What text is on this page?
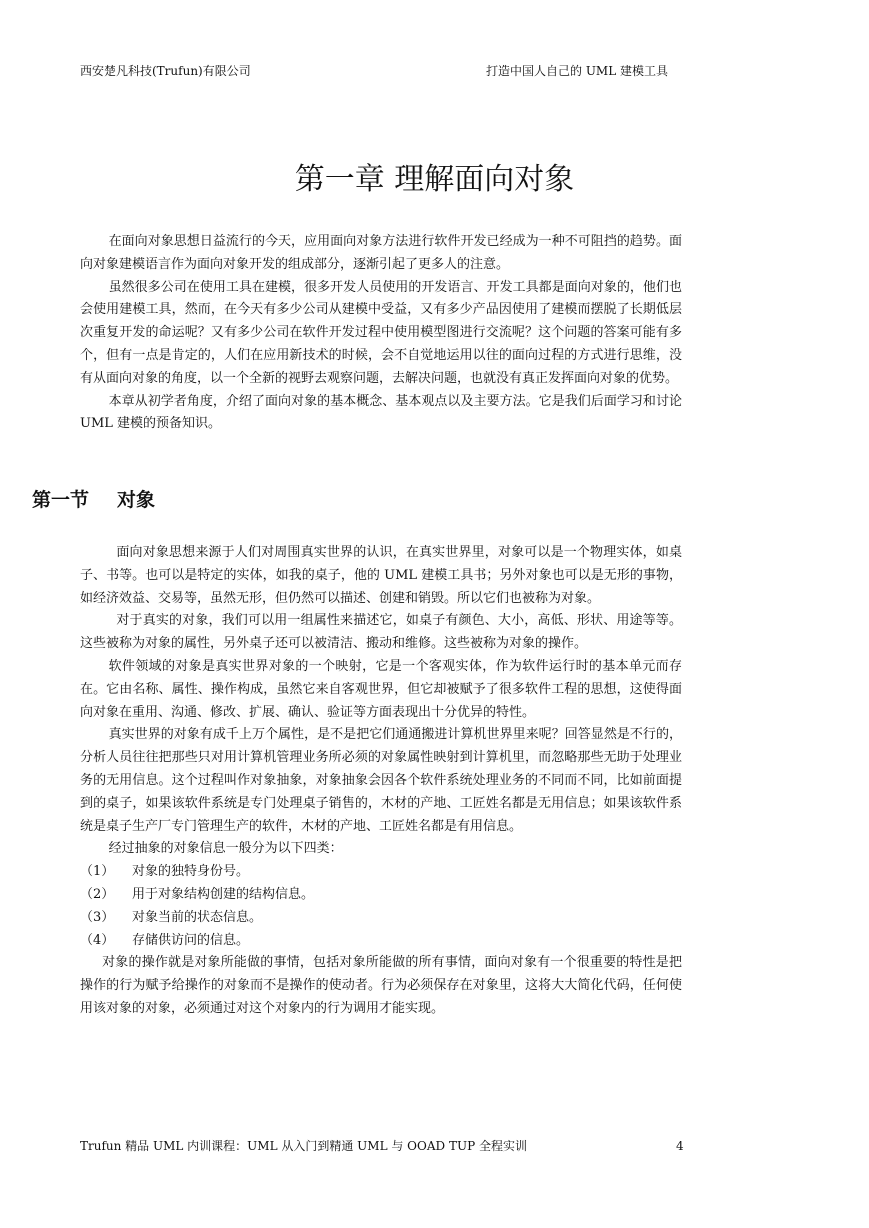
西安楚凡科技(Trufun)有限公司	打造中国人自己的 UML 建模工具
第一章 理解面向对象

在面向对象思想日益流行的今天，应用面向对象方法进行软件开发已经成为一种不可阻挡的趋势。面向对象建模语言作为面向对象开发的组成部分，逐渐引起了更多人的注意。

虽然很多公司在使用工具在建模，很多开发人员使用的开发语言、开发工具都是面向对象的，他们也会使用建模工具，然而，在今天有多少公司从建模中受益，又有多少产品因使用了建模而摆脱了长期低层次重复开发的命运呢？又有多少公司在软件开发过程中使用模型图进行交流呢？这个问题的答案可能有多个，但有一点是肯定的，人们在应用新技术的时候，会不自觉地运用以往的面向过程的方式进行思维，没有从面向对象的角度，以一个全新的视野去观察问题，去解决问题，也就没有真正发挥面向对象的优势。

本章从初学者角度，介绍了面向对象的基本概念、基本观点以及主要方法。它是我们后面学习和讨论 UML 建模的预备知识。

第一节 对象

面向对象思想来源于人们对周围真实世界的认识，在真实世界里，对象可以是一个物理实体，如桌子、书等。也可以是特定的实体，如我的桌子，他的 UML 建模工具书；另外对象也可以是无形的事物，如经济效益、交易等，虽然无形，但仍然可以描述、创建和销毁。所以它们也被称为对象。

对于真实的对象，我们可以用一组属性来描述它，如桌子有颜色、大小，高低、形状、用途等等。这些被称为对象的属性，另外桌子还可以被清洁、搬动和维修。这些被称为对象的操作。

软件领域的对象是真实世界对象的一个映射，它是一个客观实体，作为软件运行时的基本单元而存在。它由名称、属性、操作构成，虽然它来自客观世界，但它却被赋予了很多软件工程的思想，这使得面向对象在重用、沟通、修改、扩展、确认、验证等方面表现出十分优异的特性。

真实世界的对象有成千上万个属性，是不是把它们通通搬进计算机世界里来呢？回答显然是不行的，分析人员往往把那些只对用计算机管理业务所必须的对象属性映射到计算机里，而忽略那些无助于处理业务的无用信息。这个过程叫作对象抽象，对象抽象会因各个软件系统处理业务的不同而不同，比如前面提到的桌子，如果该软件系统是专门处理桌子销售的，木材的产地、工匠姓名都是无用信息；如果该软件系统是桌子生产厂专门管理生产的软件，木材的产地、工匠姓名都是有用信息。

经过抽象的对象信息一般分为以下四类：

（1）	对象的独特身份号。
（2）	用于对象结构创建的结构信息。
（3）	对象当前的状态信息。
（4）	存储供访问的信息。

对象的操作就是对象所能做的事情，包括对象所能做的所有事情，面向对象有一个很重要的特性是把操作的行为赋予给操作的对象而不是操作的使动者。行为必须保存在对象里，这将大大简化代码，任何使用该对象的对象，必须通过对这个对象内的行为调用才能实现。

Trufun 精品 UML 内训课程：UML 从入门到精通 UML 与 OOAD TUP 全程实训	4
